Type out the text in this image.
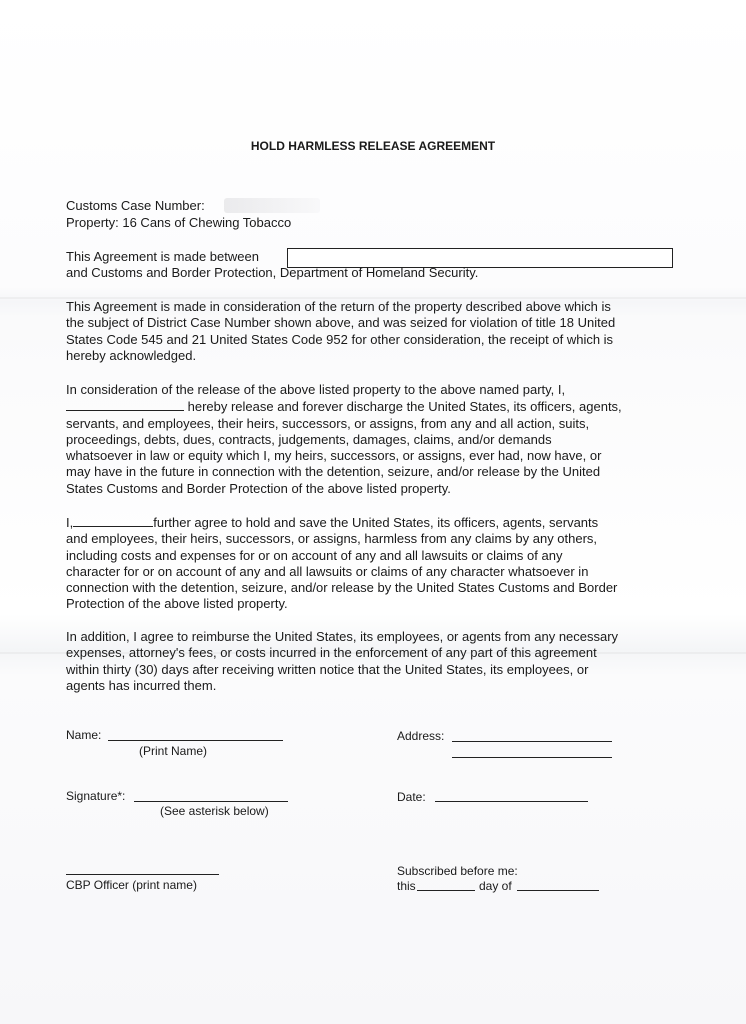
HOLD HARMLESS RELEASE AGREEMENT
Customs Case Number:
Property: 16 Cans of Chewing Tobacco
This Agreement is made between
and Customs and Border Protection, Department of Homeland Security.

This Agreement is made in consideration of the return of the property described above which is

the subject of District Case Number shown above, and was seized for violation of title 18 United

States Code 545 and 21 United States Code 952 for other consideration, the receipt of which is

hereby acknowledged.

In consideration of the release of the above listed property to the above named party, I,

hereby release and forever discharge the United States, its officers, agents,

servants, and employees, their heirs, successors, or assigns, from any and all action, suits,

proceedings, debts, dues, contracts, judgements, damages, claims, and/or demands

whatsoever in law or equity which I, my heirs, successors, or assigns, ever had, now have, or

may have in the future in connection with the detention, seizure, and/or release by the United

States Customs and Border Protection of the above listed property.

I,	further agree to hold and save the United States, its officers, agents, servants

and employees, their heirs, successors, or assigns, harmless from any claims by any others,

including costs and expenses for or on account of any and all lawsuits or claims of any

character for or on account of any and all lawsuits or claims of any character whatsoever in

connection with the detention, seizure, and/or release by the United States Customs and Border

Protection of the above listed property.

In addition, I agree to reimburse the United States, its employees, or agents from any necessary

expenses, attorney's fees, or costs incurred in the enforcement of any part of this agreement

within thirty (30) days after receiving written notice that the United States, its employees, or

agents has incurred them.

Name:
(Print Name)
Address:
Signature*:
(See asterisk below)
Date:
CBP Officer (print name)
Subscribed before me:
this	day of
